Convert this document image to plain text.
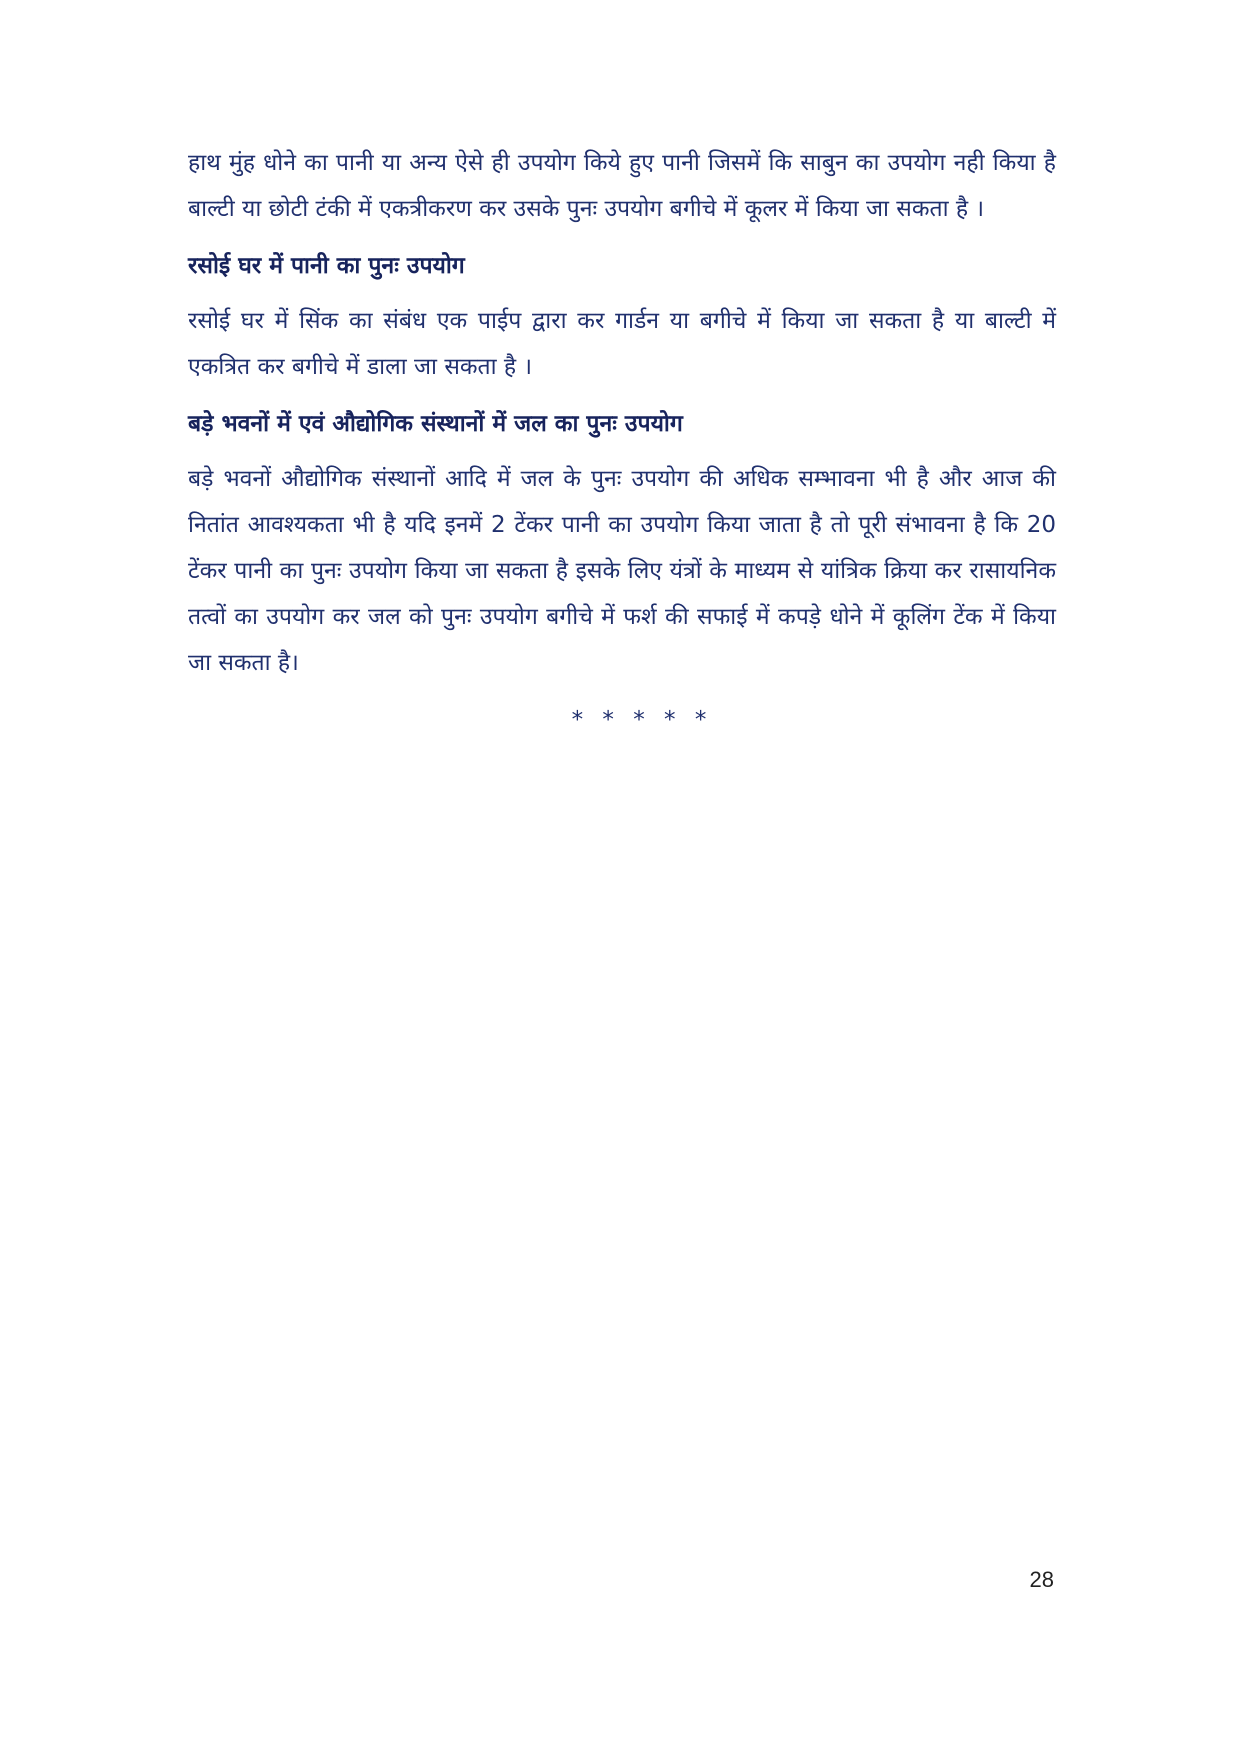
हाथ मुंह धोने का पानी या अन्य ऐसे ही उपयोग किये हुए पानी जिसमें कि साबुन का उपयोग नही किया है बाल्टी या छोटी टंकी में एकत्रीकरण कर उसके पुनः उपयोग बगीचे में कूलर में किया जा सकता है ।

रसोई घर में पानी का पुनः उपयोग

रसोई घर में सिंक का संबंध एक पाईप द्वारा कर गार्डन या बगीचे में किया जा सकता है या बाल्टी में एकत्रित कर बगीचे में डाला जा सकता है ।

बड़े भवनों में एवं औद्योगिक संस्थानों में जल का पुनः उपयोग

बड़े भवनों औद्योगिक संस्थानों आदि में जल के पुनः उपयोग की अधिक सम्भावना भी है और आज की नितांत आवश्यकता भी है यदि इनमें 2 टेंकर पानी का उपयोग किया जाता है तो पूरी संभावना है कि 20 टेंकर पानी का पुनः उपयोग किया जा सकता है इसके लिए यंत्रों के माध्यम से यांत्रिक क्रिया कर रासायनिक तत्वों का उपयोग कर जल को पुनः उपयोग बगीचे में फर्श की सफाई में कपड़े धोने में कूलिंग टेंक में किया जा सकता है।

* * * * *
28
